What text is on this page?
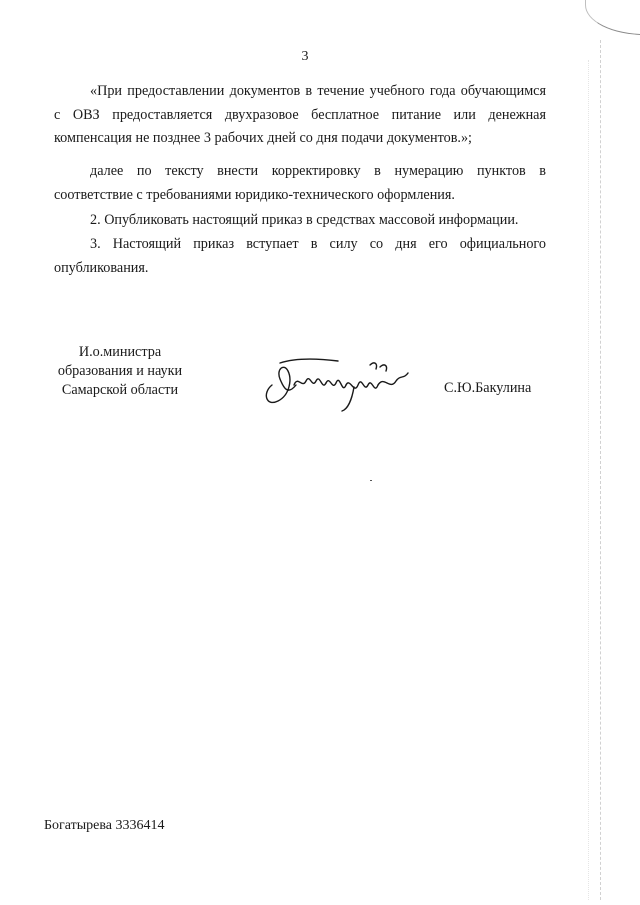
3
«При предоставлении документов в течение учебного года обучающимся
с ОВЗ предоставляется двухразовое бесплатное питание или денежная
компенсация не позднее 3 рабочих дней со дня подачи документов.»;
далее по тексту внести корректировку в нумерацию пунктов в
соответствие с требованиями юридико-технического оформления.
2. Опубликовать настоящий приказ в средствах массовой информации.
3. Настоящий приказ вступает в силу со дня его официального
опубликования.
И.о.министра
образования и науки
Самарской области	С.Ю.Бакулина
Богатырева 3336414
